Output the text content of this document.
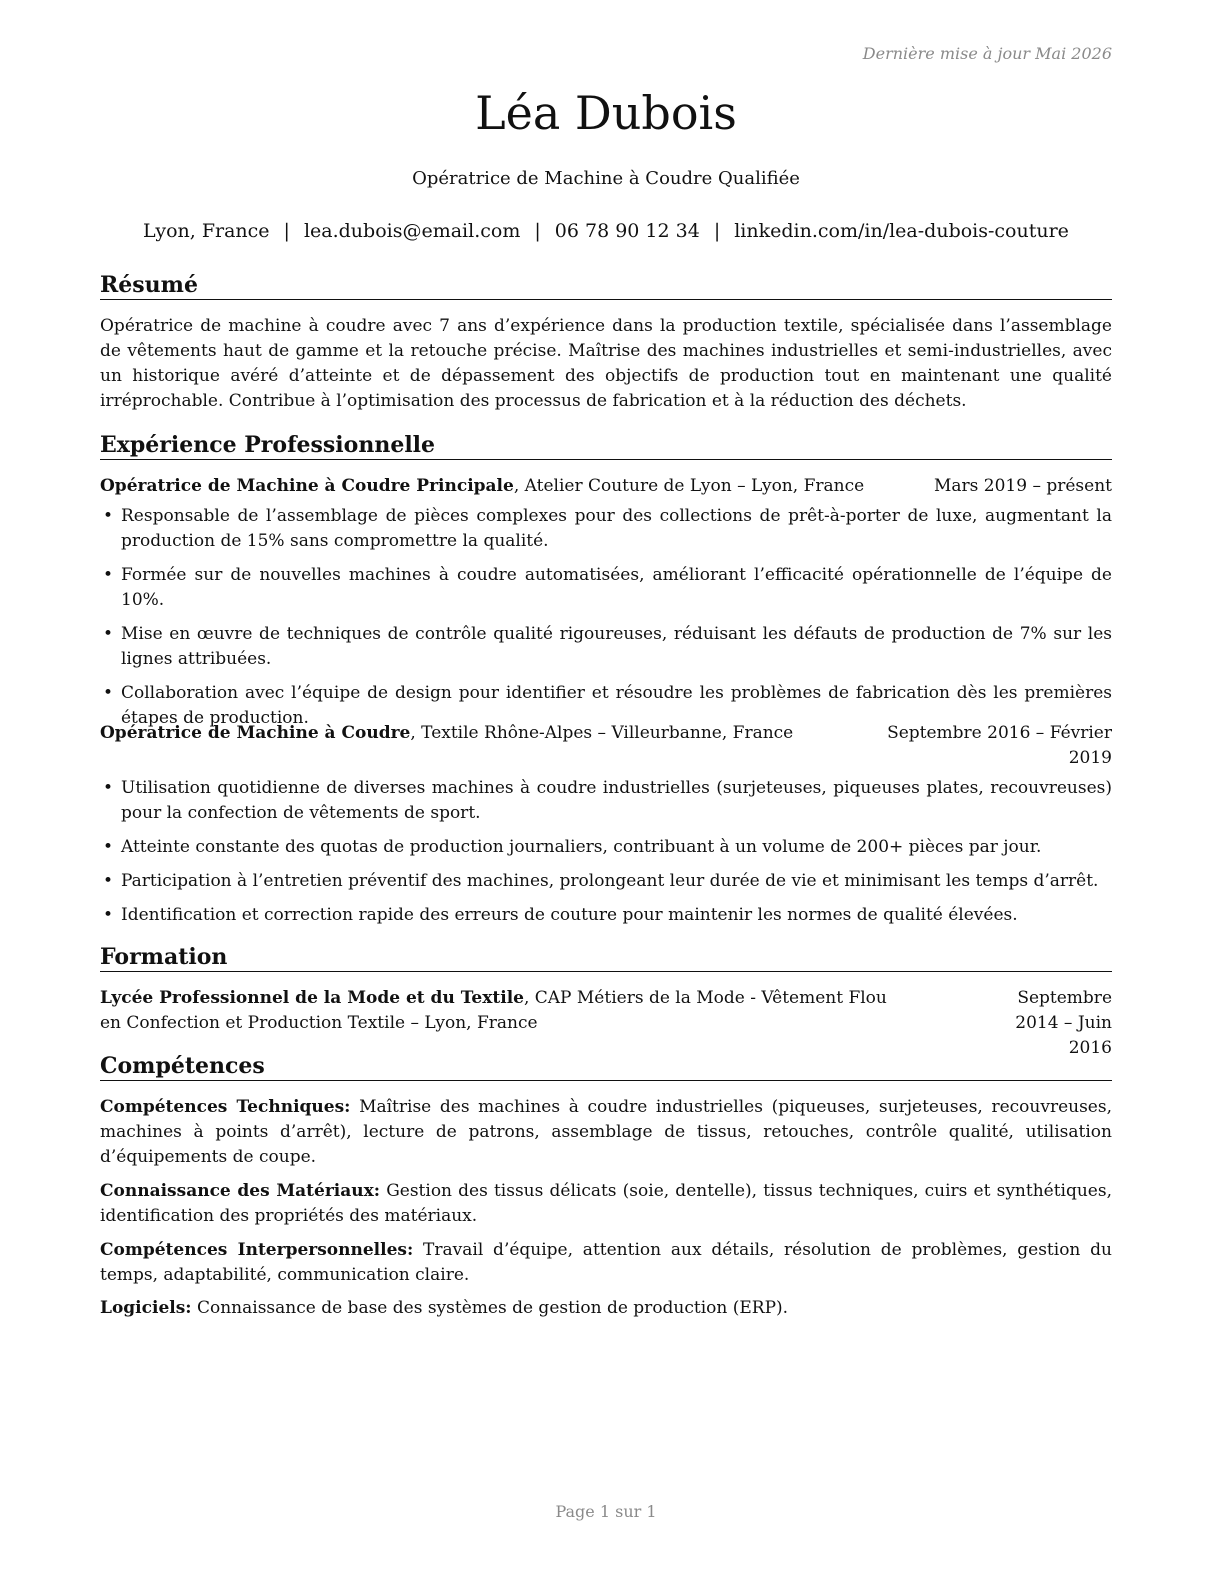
Dernière mise à jour Mai 2026
Léa Dubois
Opératrice de Machine à Coudre Qualifiée
Lyon, France | lea.dubois@email.com | 06 78 90 12 34 | linkedin.com/in/lea-dubois-couture
Résumé

Opératrice de machine à coudre avec 7 ans d’expérience dans la production textile, spécialisée dans l’assemblage de vêtements haut de gamme et la retouche précise. Maîtrise des machines industrielles et semi-industrielles, avec un historique avéré d’atteinte et de dépassement des objectifs de production tout en maintenant une qualité irréprochable. Contribue à l’optimisation des processus de fabrication et à la réduction des déchets.

Expérience Professionnelle
Opératrice de Machine à Coudre Principale, Atelier Couture de Lyon – Lyon, France	Mars 2019 – présent
• Responsable de l’assemblage de pièces complexes pour des collections de prêt-à-porter de luxe, augmentant la production de 15% sans compromettre la qualité.
• Formée sur de nouvelles machines à coudre automatisées, améliorant l’efficacité opérationnelle de l’équipe de 10%.
• Mise en œuvre de techniques de contrôle qualité rigoureuses, réduisant les défauts de production de 7% sur les lignes attribuées.
• Collaboration avec l’équipe de design pour identifier et résoudre les problèmes de fabrication dès les premières étapes de production.
Opératrice de Machine à Coudre, Textile Rhône-Alpes – Villeurbanne, France	Septembre 2016 – Février
2019
• Utilisation quotidienne de diverses machines à coudre industrielles (surjeteuses, piqueuses plates, recouvreuses) pour la confection de vêtements de sport.
• Atteinte constante des quotas de production journaliers, contribuant à un volume de 200+ pièces par jour.
• Participation à l’entretien préventif des machines, prolongeant leur durée de vie et minimisant les temps d’arrêt.
• Identification et correction rapide des erreurs de couture pour maintenir les normes de qualité élevées.
Formation
Lycée Professionnel de la Mode et du Textile, CAP Métiers de la Mode - Vêtement Flou
en Confection et Production Textile – Lyon, France
Septembre 2014 – Juin
2016
Compétences

Compétences Techniques: Maîtrise des machines à coudre industrielles (piqueuses, surjeteuses, recouvreuses, machines à points d’arrêt), lecture de patrons, assemblage de tissus, retouches, contrôle qualité, utilisation d’équipements de coupe.

Connaissance des Matériaux: Gestion des tissus délicats (soie, dentelle), tissus techniques, cuirs et synthétiques, identification des propriétés des matériaux.

Compétences Interpersonnelles: Travail d’équipe, attention aux détails, résolution de problèmes, gestion du temps, adaptabilité, communication claire.

Logiciels: Connaissance de base des systèmes de gestion de production (ERP).

Page 1 sur 1
